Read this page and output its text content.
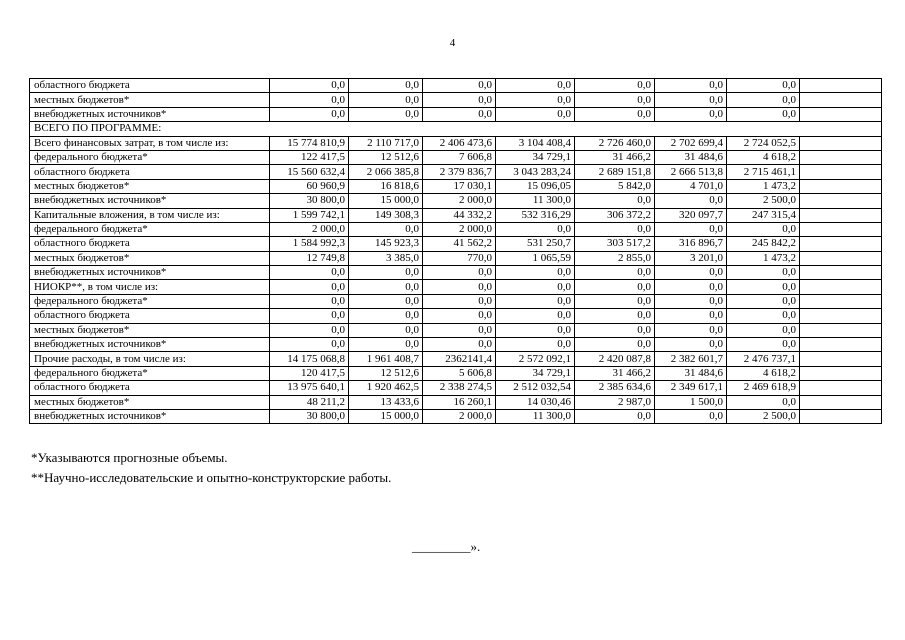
4
областного бюджета	0,0	0,0	0,0	0,0	0,0	0,0	0,0	
местных бюджетов*	0,0	0,0	0,0	0,0	0,0	0,0	0,0	
внебюджетных источников*	0,0	0,0	0,0	0,0	0,0	0,0	0,0	
ВСЕГО ПО ПРОГРАММЕ:								
Всего финансовых затрат, в том числе из:	15 774 810,9	2 110 717,0	2 406 473,6	3 104 408,4	2 726 460,0	2 702 699,4	2 724 052,5	
федерального бюджета*	122 417,5	12 512,6	7 606,8	34 729,1	31 466,2	31 484,6	4 618,2	
областного бюджета	15 560 632,4	2 066 385,8	2 379 836,7	3 043 283,24	2 689 151,8	2 666 513,8	2 715 461,1	
местных бюджетов*	60 960,9	16 818,6	17 030,1	15 096,05	5 842,0	4 701,0	1 473,2	
внебюджетных источников*	30 800,0	15 000,0	2 000,0	11 300,0	0,0	0,0	2 500,0	
Капитальные вложения, в том числе из:	1 599 742,1	149 308,3	44 332,2	532 316,29	306 372,2	320 097,7	247 315,4	
федерального бюджета*	2 000,0	0,0	2 000,0	0,0	0,0	0,0	0,0	
областного бюджета	1 584 992,3	145 923,3	41 562,2	531 250,7	303 517,2	316 896,7	245 842,2	
местных бюджетов*	12 749,8	3 385,0	770,0	1 065,59	2 855,0	3 201,0	1 473,2	
внебюджетных источников*	0,0	0,0	0,0	0,0	0,0	0,0	0,0	
НИОКР**, в том числе из:	0,0	0,0	0,0	0,0	0,0	0,0	0,0	
федерального бюджета*	0,0	0,0	0,0	0,0	0,0	0,0	0,0	
областного бюджета	0,0	0,0	0,0	0,0	0,0	0,0	0,0	
местных бюджетов*	0,0	0,0	0,0	0,0	0,0	0,0	0,0	
внебюджетных источников*	0,0	0,0	0,0	0,0	0,0	0,0	0,0	
Прочие расходы, в том числе из:	14 175 068,8	1 961 408,7	2362141,4	2 572 092,1	2 420 087,8	2 382 601,7	2 476 737,1	
федерального бюджета*	120 417,5	12 512,6	5 606,8	34 729,1	31 466,2	31 484,6	4 618,2	
областного бюджета	13 975 640,1	1 920 462,5	2 338 274,5	2 512 032,54	2 385 634,6	2 349 617,1	2 469 618,9	
местных бюджетов*	48 211,2	13 433,6	16 260,1	14 030,46	2 987,0	1 500,0	0,0	
внебюджетных источников*	30 800,0	15 000,0	2 000,0	11 300,0	0,0	0,0	2 500,0	
*Указываются прогнозные объемы.
**Научно-исследовательские и опытно-конструкторские работы.
_________».
